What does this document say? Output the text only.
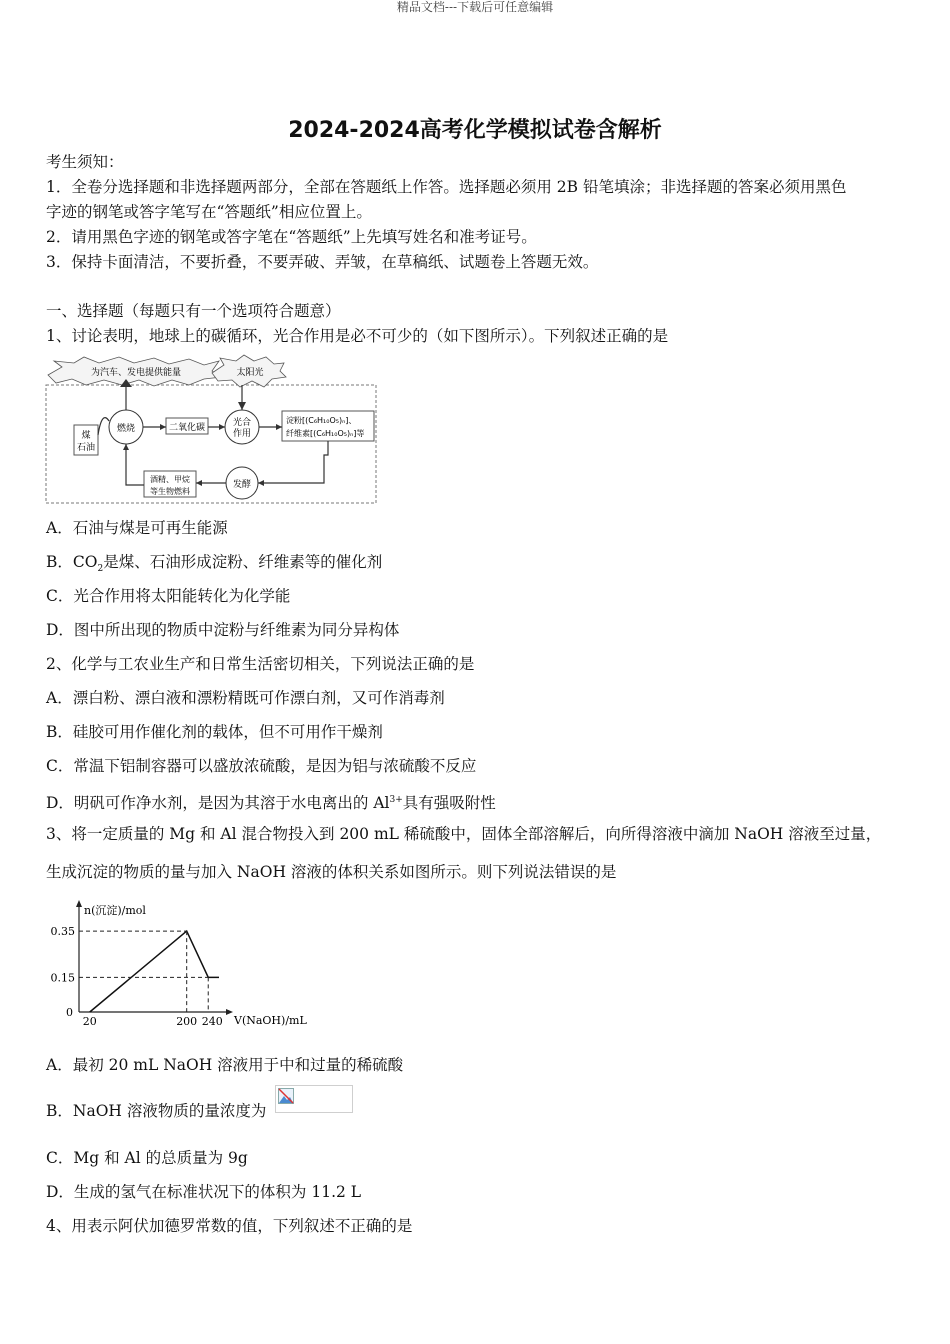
精品文档---下载后可任意编辑
2024-2024高考化学模拟试卷含解析
考生须知：
1．全卷分选择题和非选择题两部分，全部在答题纸上作答。选择题必须用 2B 铅笔填涂；非选择题的答案必须用黑色
字迹的钢笔或答字笔写在“答题纸”相应位置上。
2．请用黑色字迹的钢笔或答字笔在“答题纸”上先填写姓名和准考证号。
3．保持卡面清洁，不要折叠，不要弄破、弄皱，在草稿纸、试题卷上答题无效。
一、选择题（每题只有一个选项符合题意）
1、讨论表明，地球上的碳循环，光合作用是必不可少的（如下图所示）。下列叙述正确的是
为汽车、发电提供能量	太阳光
煤
石油
燃烧	二氧化碳	光合
作用
淀粉[(C₆H₁₀O₅)ₙ]、
纤维素[(C₆H₁₀O₅)ₙ]等
发酵
酒精、甲烷
等生物燃料
A．石油与煤是可再生能源
B．$CO_2$是煤、石油形成淀粉、纤维素等的催化剂
C．光合作用将太阳能转化为化学能
D．图中所出现的物质中淀粉与纤维素为同分异构体
2、化学与工农业生产和日常生活密切相关，下列说法正确的是
A．漂白粉、漂白液和漂粉精既可作漂白剂，又可作消毒剂
B．硅胶可用作催化剂的载体，但不可用作干燥剂
C．常温下铝制容器可以盛放浓硫酸，是因为铝与浓硫酸不反应
D．明矾可作净水剂，是因为其溶于水电离出的 $Al^{3+}$具有强吸附性
3、将一定质量的 Mg 和 Al 混合物投入到 200 mL 稀硫酸中，固体全部溶解后，向所得溶液中滴加 NaOH 溶液至过量，
生成沉淀的物质的量与加入 NaOH 溶液的体积关系如图所示。则下列说法错误的是
n(沉淀)/mol
V(NaOH)/mL
0
0.35
0.15
20	200 240
A．最初 20 mL NaOH 溶液用于中和过量的稀硫酸
B．NaOH 溶液物质的量浓度为
C．Mg 和 Al 的总质量为 9g
D．生成的氢气在标准状况下的体积为 11.2 L
4、用表示阿伏加德罗常数的值，下列叙述不正确的是
